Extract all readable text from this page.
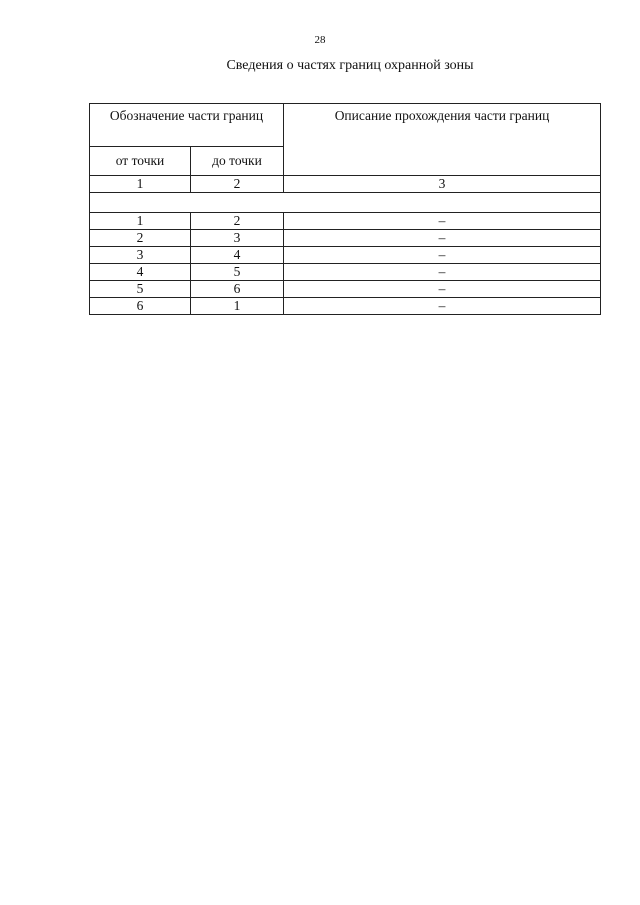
28
Сведения о частях границ охранной зоны
Обозначение части границ		Описание прохождения части границ
от точки	до точки	
1	2	3

1	2	–
2	3	–
3	4	–
4	5	–
5	6	–
6	1	–
